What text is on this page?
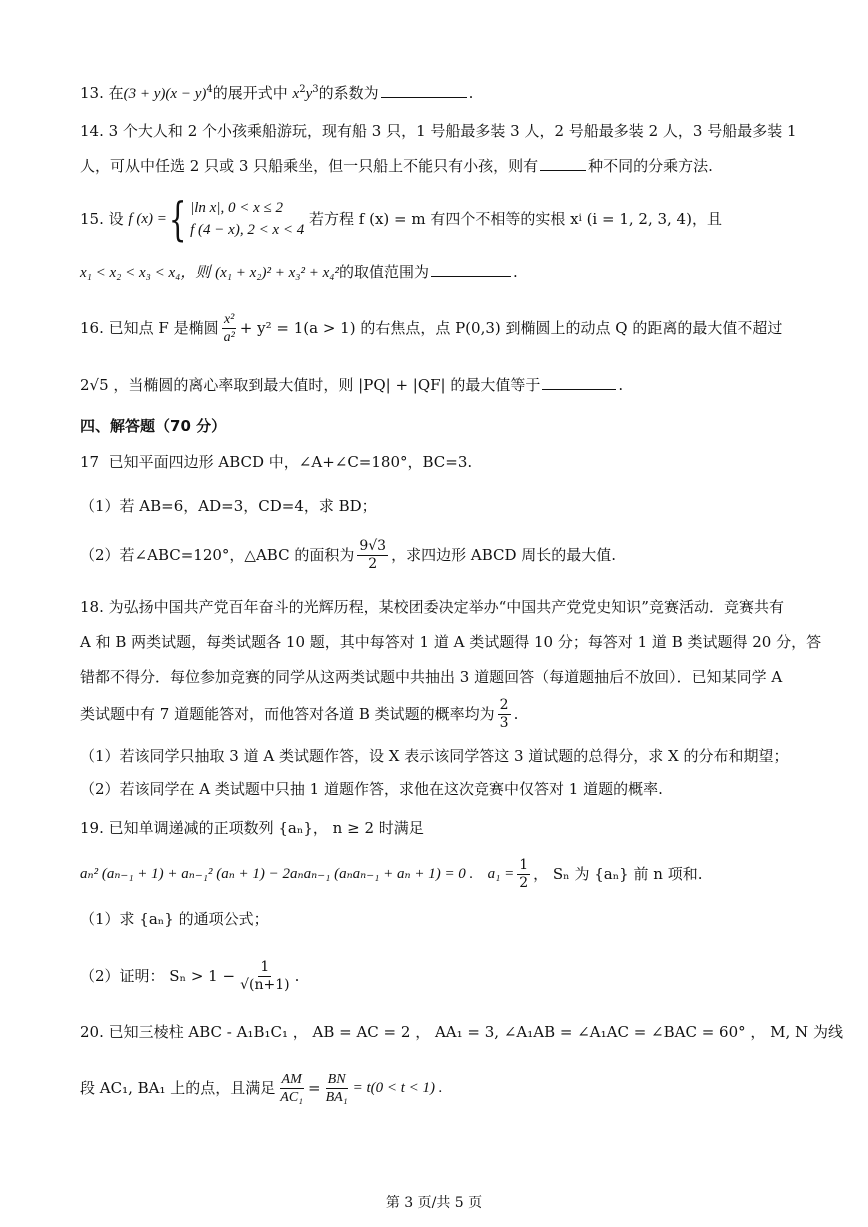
13. 在$(3 + y)(x - y)^4$的展开式中 $x^2y^3$的系数为	.
14. 3 个大人和 2 个小孩乘船游玩，现有船 3 只，1 号船最多装 3 人，2 号船最多装 2 人，3 号船最多装 1
人，可从中任选 2 只或 3 只船乘坐，但一只船上不能只有小孩，则有	种不同的分乘方法.
15. 设
f (x) = { |ln x|, 0 < x ≤ 2
f (4 − x), 2 < x < 4

若方程 f (x) = m 有四个不相等的实根 x i
(i = 1, 2, 3, 4)，且
x₁ < x₂ < x₃ < x₄，则 (x₁ + x₂)² + x₃² + x₄²的取值范围为	.
16. 已知点 F 是椭圆 $\frac{\text{x²}}{\text{a²}} + y^2 = 1(a > 1)$ 的右焦点，点 P(0,3) 到椭圆上的动点 Q 的距离的最大值不超过
2√5 ，当椭圆的离心率取到最大值时，则 |PQ| + |QF| 的最大值等于	.
四、解答题（70 分）
17  已知平面四边形 ABCD 中，∠A+∠C=180°，BC=3.
（1）若 AB=6，AD=3，CD=4，求 BD；
（2）若∠ABC=120°，△ABC 的面积为 $\frac{9√3}{2}$ ，求四边形 ABCD 周长的最大值.
18. 为弘扬中国共产党百年奋斗的光辉历程，某校团委决定举办“中国共产党党史知识”竞赛活动．竞赛共有
A 和 B 两类试题，每类试题各 10 题，其中每答对 1 道 A 类试题得 10 分；每答对 1 道 B 类试题得 20 分，答
错都不得分．每位参加竞赛的同学从这两类试题中共抽出 3 道题回答（每道题抽后不放回）．已知某同学 A
类试题中有 7 道题能答对，而他答对各道 B 类试题的概率均为 $\frac{2}{3}$ .
（1）若该同学只抽取 3 道 A 类试题作答，设 X 表示该同学答这 3 道试题的总得分，求 X 的分布和期望；
（2）若该同学在 A 类试题中只抽 1 道题作答，求他在这次竞赛中仅答对 1 道题的概率.
19. 已知单调递减的正项数列 {aₙ}， n ≥ 2 时满足
aₙ² (aₙ₋₁ + 1) + aₙ₋₁² (aₙ + 1) − 2aₙaₙ₋₁ (aₙaₙ₋₁ + aₙ + 1) = 0 .
$a_1 = \frac{1}{2}$ ， Sₙ 为 {aₙ} 前 n 项和.
（1）求 {aₙ} 的通项公式；
（2）证明： $S_n > 1 - \frac{1}{√(n+1)}$ .
20. 已知三棱柱 ABC - A₁B₁C₁ ， AB = AC = 2 ， AA₁ = 3, ∠A₁AB = ∠A₁AC = ∠BAC = 60° ， M, N 为线
段 AC₁, BA₁ 上的点，且满足 $\frac{AM}{\text{AC₁}} = \frac{BN}{\text{BA₁}} = t(0 < t < 1)$ .
第 3 页/共 5 页
